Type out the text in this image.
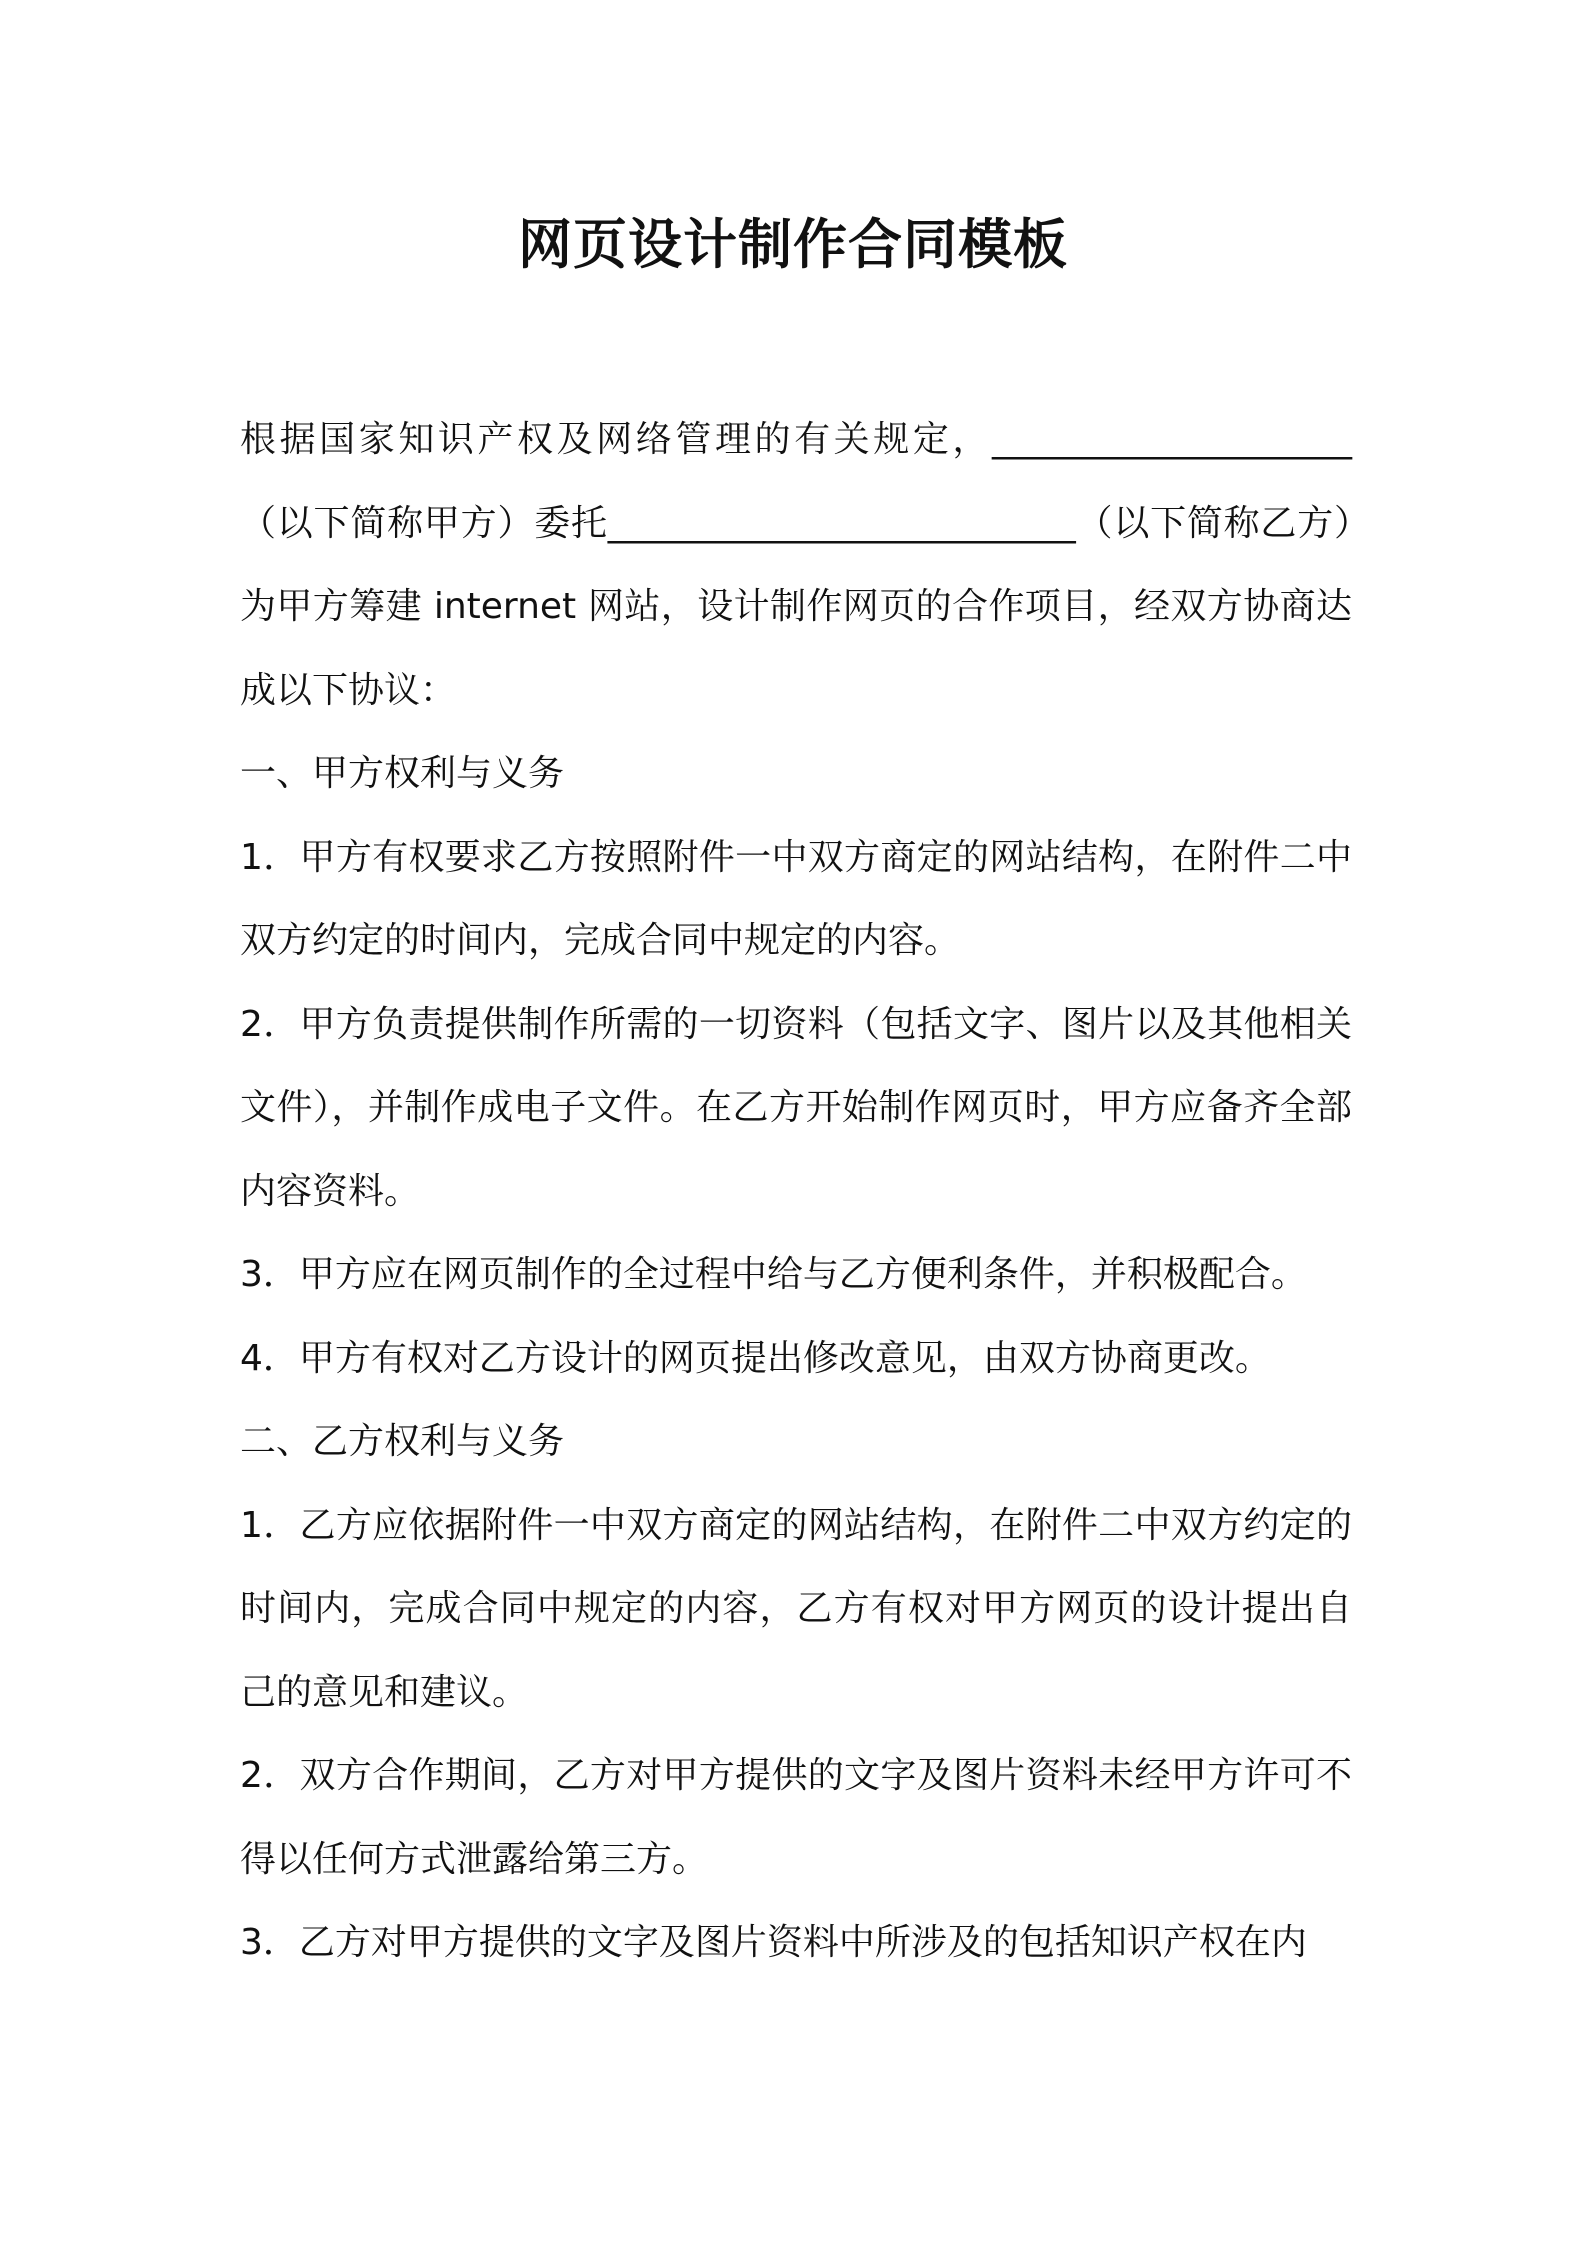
网页设计制作合同模板

根据国家知识产权及网络管理的有关规定，____________________（以下简称甲方）委托__________________________（以下简称乙方）为甲方筹建 internet 网站，设计制作网页的合作项目，经双方协商达成以下协议：

一、甲方权利与义务

1．甲方有权要求乙方按照附件一中双方商定的网站结构，在附件二中双方约定的时间内，完成合同中规定的内容。

2．甲方负责提供制作所需的一切资料（包括文字、图片以及其他相关文件），并制作成电子文件。在乙方开始制作网页时，甲方应备齐全部内容资料。

3．甲方应在网页制作的全过程中给与乙方便利条件，并积极配合。

4．甲方有权对乙方设计的网页提出修改意见，由双方协商更改。

二、乙方权利与义务

1．乙方应依据附件一中双方商定的网站结构，在附件二中双方约定的时间内，完成合同中规定的内容，乙方有权对甲方网页的设计提出自己的意见和建议。

2．双方合作期间，乙方对甲方提供的文字及图片资料未经甲方许可不得以任何方式泄露给第三方。

3．乙方对甲方提供的文字及图片资料中所涉及的包括知识产权在内
